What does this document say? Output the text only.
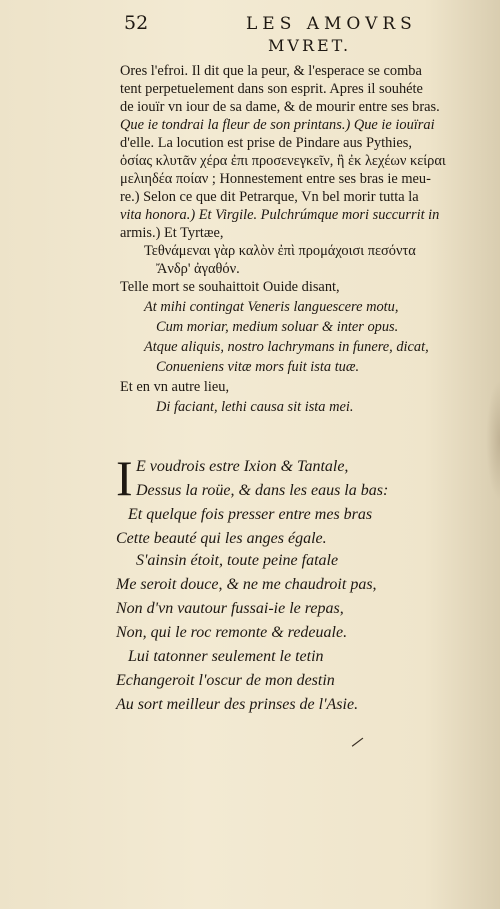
52	LES AMOVRS
MVRET.
Ores l'efroi. Il dit que la peur, & l'esperace se comba
tent perpetuelement dans son esprit. Apres il souhéte
de iouïr vn iour de sa dame, & de mourir entre ses bras.
Que ie tondrai la fleur de son printans.) Que ie iouïrai
d'elle. La locution est prise de Pindare aus Pythies,
ὁσίας κλυτᾶν χέρα ἐπι προσενεγκεῖν, ἢ ἐκ λεχέων κείραι
μελιηδέα ποίαν ; Honnestement entre ses bras ie meu-
re.) Selon ce que dit Petrarque, Vn bel morir tutta la
vita honora.) Et Virgile. Pulchrúmque mori succurrit in
armis.) Et Tyrtæe,
Τεθνάμεναι γὰρ καλὸν ἐπὶ προμάχοισι πεσόντα
Ἄνδρ' ἀγαθόν.
Telle mort se souhaittoit Ouide disant,
At mihi contingat Veneris languescere motu,
Cum moriar, medium soluar & inter opus.
Atque aliquis, nostro lachrymans in funere, dicat,
Conueniens vitæ mors fuit ista tuæ.
Et en vn autre lieu,
Di faciant, lethi causa sit ista mei.
I E voudrois estre Ixion & Tantale,
Dessus la roüe, & dans les eaus la bas:
Et quelque fois presser entre mes bras
Cette beauté qui les anges égale.
S'ainsin étoit, toute peine fatale
Me seroit douce, & ne me chaudroit pas,
Non d'vn vautour fussai-ie le repas,
Non, qui le roc remonte & redeuale.
Lui tatonner seulement le tetin
Echangeroit l'oscur de mon destin
Au sort meilleur des prinses de l'Asie.
